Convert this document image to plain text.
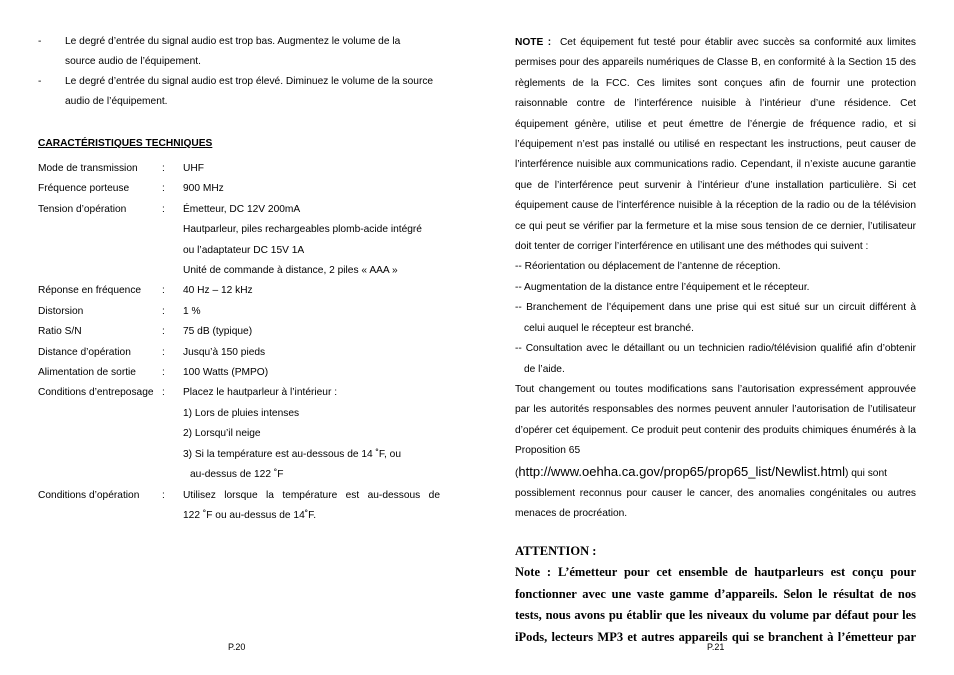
-	Le degré d’entrée du signal audio est trop bas. Augmentez le volume de la
source audio de l’équipement.
-	Le degré d’entrée du signal audio est trop élevé. Diminuez le volume de la source
audio de l’équipement.
CARACTÉRISTIQUES TECHNIQUES
Mode de transmission	:	UHF
Fréquence porteuse	:	900 MHz
Tension d’opération	:	Émetteur, DC 12V 200mA
Hautparleur, piles rechargeables plomb-acide intégré
ou l’adaptateur DC 15V 1A
Unité de commande à distance, 2 piles « AAA »
Réponse en fréquence	:	40 Hz – 12 kHz
Distorsion	:	1 %
Ratio S/N	:	75 dB (typique)
Distance d’opération	:	Jusqu’à 150 pieds
Alimentation de sortie	:	100 Watts (PMPO)
Conditions d’entreposage :	Placez le hautparleur à l’intérieur :
1) Lors de pluies intenses
2) Lorsqu’il neige
3) Si la température est au-dessous de 14 ˚F, ou
au-dessus de 122 ˚F
Conditions d’opération	:	Utilisez lorsque la température est au-dessous de
122 ˚F ou au-dessus de 14˚F.
P.20

NOTE : Cet équipement fut testé pour établir avec succès sa conformité aux limites permises pour des appareils numériques de Classe B, en conformité à la Section 15 des règlements de la FCC. Ces limites sont conçues afin de fournir une protection raisonnable contre de l’interférence nuisible à l’intérieur d’une résidence. Cet équipement génère, utilise et peut émettre de l’énergie de fréquence radio, et si l’équipement n’est pas installé ou utilisé en respectant les instructions, peut causer de l’interférence nuisible aux communications radio. Cependant, il n’existe aucune garantie que de l’interférence peut survenir à l’intérieur d’une installation particulière. Si cet équipement cause de l’interférence nuisible à la réception de la radio ou de la télévision ce qui peut se vérifier par la fermeture et la mise sous tension de ce dernier, l’utilisateur doit tenter de corriger l’interférence en utilisant une des méthodes qui suivent :

-- Réorientation ou déplacement de l’antenne de réception.

-- Augmentation de la distance entre l’équipement et le récepteur.

-- Branchement de l’équipement dans une prise qui est situé sur un circuit différent à

celui auquel le récepteur est branché.

-- Consultation avec le détaillant ou un technicien radio/télévision qualifié afin d’obtenir

de l’aide.

Tout changement ou toutes modifications sans l’autorisation expressément approuvée par les autorités responsables des normes peuvent annuler l’autorisation de l’utilisateur d’opérer cet équipement. Ce produit peut contenir des produits chimiques énumérés à la Proposition 65

(http://www.oehha.ca.gov/prop65/prop65_list/Newlist.html) qui sont

possiblement reconnus pour causer le cancer, des anomalies congénitales ou autres menaces de procréation.

ATTENTION :

Note : L’émetteur pour cet ensemble de hautparleurs est conçu pour fonctionner avec une vaste gamme d’appareils. Selon le résultat de nos tests, nous avons pu établir que les niveaux du volume par défaut pour les iPods, lecteurs MP3 et autres appareils qui se branchent à l’émetteur par

P.21
